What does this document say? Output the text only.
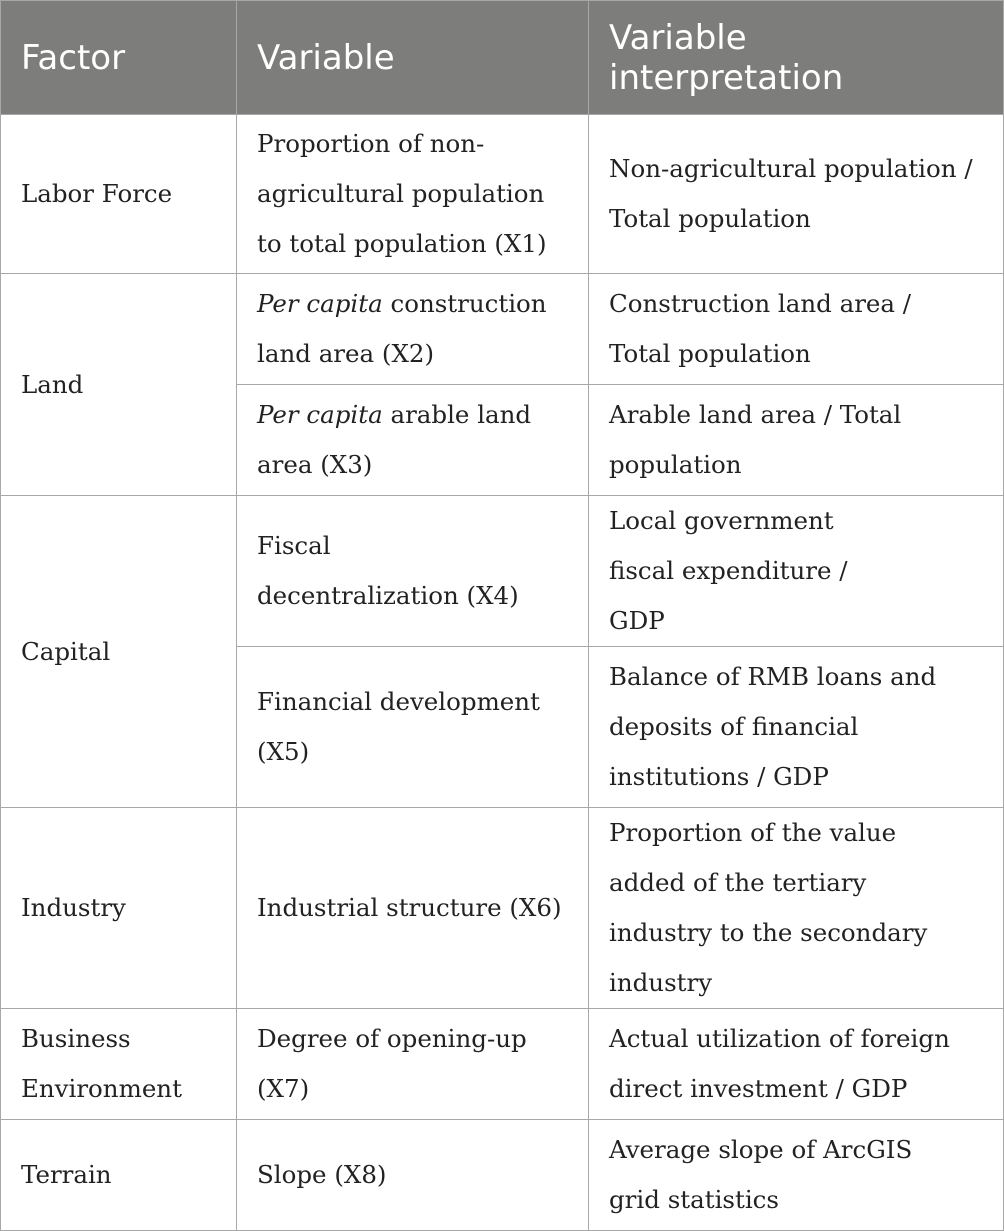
Factor	Variable	Variable interpretation
Labor Force	Proportion of non-agricultural population to total population (X1)	Non-agricultural population / Total population
Land	Per capita construction land area (X2)	Construction land area / Total population
	Per capita arable land area (X3)	Arable land area / Total population
Capital	Fiscal decentralization (X4)	Local government fiscal expenditure / GDP
	Financial development (X5)	Balance of RMB loans and deposits of financial institutions / GDP
Industry	Industrial structure (X6)	Proportion of the value added of the tertiary industry to the secondary industry
Business Environment	Degree of opening-up (X7)	Actual utilization of foreign direct investment / GDP
Terrain	Slope (X8)	Average slope of ArcGIS grid statistics
